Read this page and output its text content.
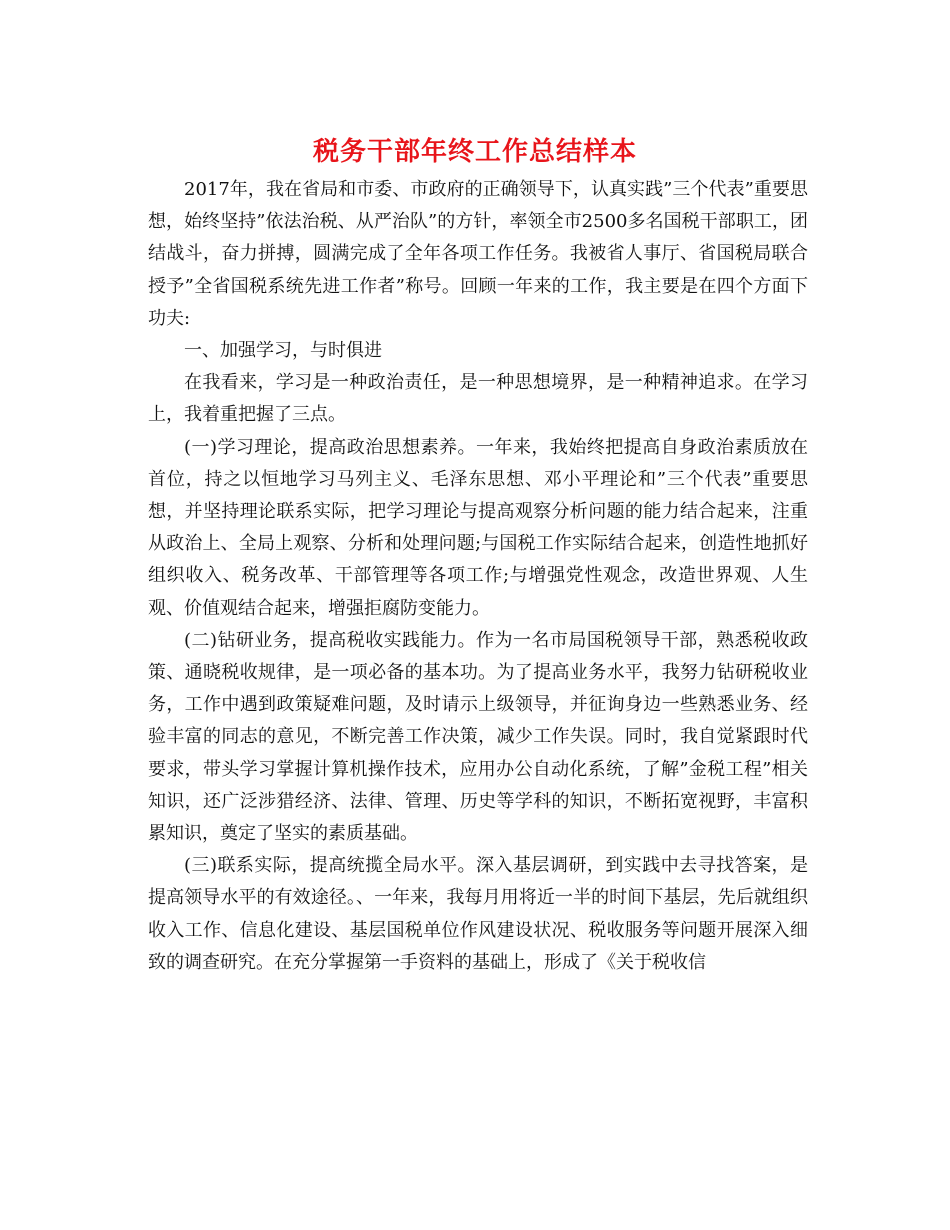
税务干部年终工作总结样本

2017年，我在省局和市委、市政府的正确领导下，认真实践”三个代表”重要思想，始终坚持”依法治税、从严治队”的方针，率领全市2500多名国税干部职工，团结战斗，奋力拼搏，圆满完成了全年各项工作任务。我被省人事厅、省国税局联合授予”全省国税系统先进工作者”称号。回顾一年来的工作，我主要是在四个方面下功夫:

一、加强学习，与时俱进

在我看来，学习是一种政治责任，是一种思想境界，是一种精神追求。在学习上，我着重把握了三点。

(一)学习理论，提高政治思想素养。一年来，我始终把提高自身政治素质放在首位，持之以恒地学习马列主义、毛泽东思想、邓小平理论和”三个代表”重要思想，并坚持理论联系实际，把学习理论与提高观察分析问题的能力结合起来，注重从政治上、全局上观察、分析和处理问题;与国税工作实际结合起来，创造性地抓好组织收入、税务改革、干部管理等各项工作;与增强党性观念，改造世界观、人生观、价值观结合起来，增强拒腐防变能力。

(二)钻研业务，提高税收实践能力。作为一名市局国税领导干部，熟悉税收政策、通晓税收规律，是一项必备的基本功。为了提高业务水平，我努力钻研税收业务，工作中遇到政策疑难问题，及时请示上级领导，并征询身边一些熟悉业务、经验丰富的同志的意见，不断完善工作决策，减少工作失误。同时，我自觉紧跟时代要求，带头学习掌握计算机操作技术，应用办公自动化系统，了解”金税工程”相关知识，还广泛涉猎经济、法律、管理、历史等学科的知识，不断拓宽视野，丰富积累知识，奠定了坚实的素质基础。

(三)联系实际，提高统揽全局水平。深入基层调研，到实践中去寻找答案，是提高领导水平的有效途径。、一年来，我每月用将近一半的时间下基层，先后就组织收入工作、信息化建设、基层国税单位作风建设状况、税收服务等问题开展深入细致的调查研究。在充分掌握第一手资料的基础上，形成了《关于税收信
